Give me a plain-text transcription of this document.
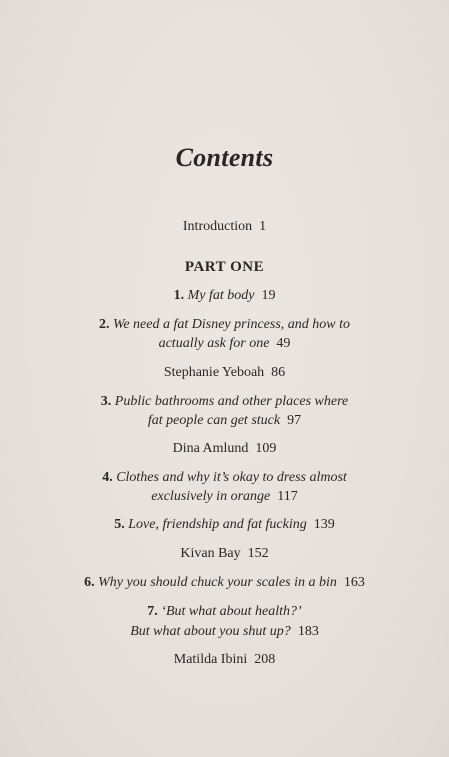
Contents
Introduction 1
PART ONE
1. My fat body 19
2. We need a fat Disney princess, and how to
actually ask for one 49
Stephanie Yeboah 86
3. Public bathrooms and other places where
fat people can get stuck 97
Dina Amlund 109
4. Clothes and why it’s okay to dress almost
exclusively in orange 117
5. Love, friendship and fat fucking 139
Kivan Bay 152
6. Why you should chuck your scales in a bin 163
7. ‘But what about health?’
But what about you shut up? 183
Matilda Ibini 208
